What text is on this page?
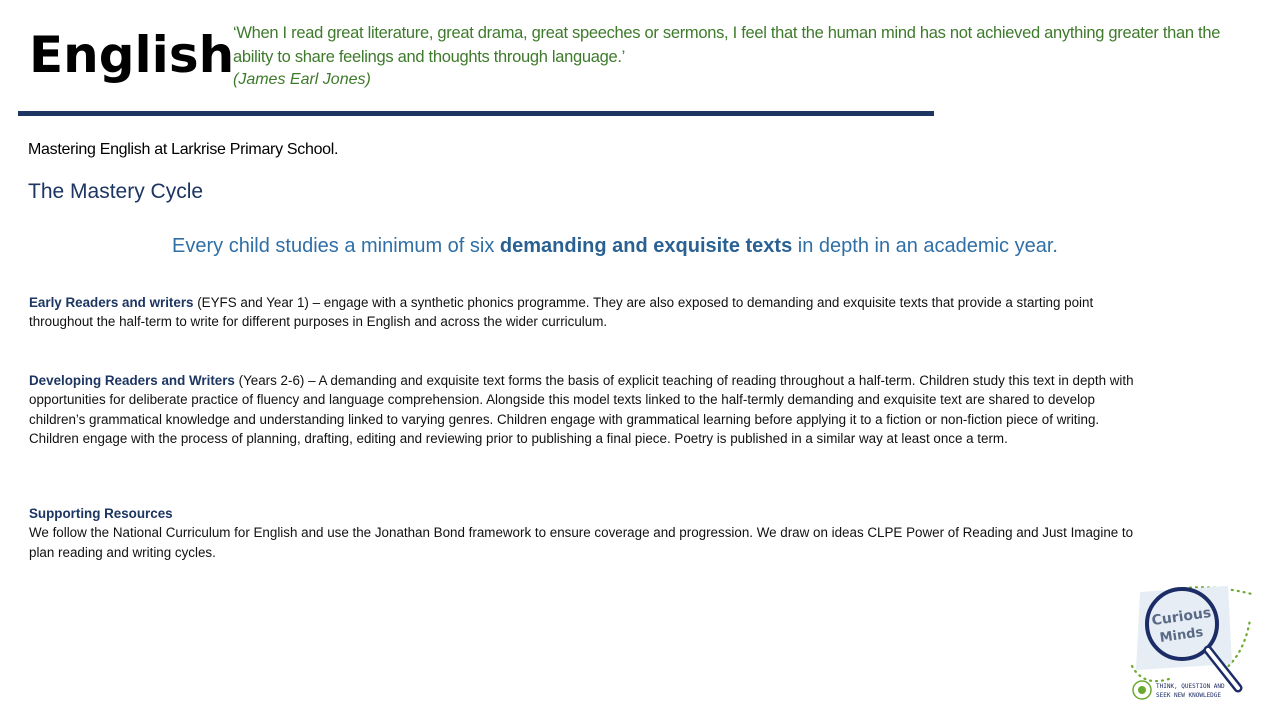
English
‘When I read great literature, great drama, great speeches or sermons, I feel that the human mind has not achieved anything greater than the ability to share feelings and thoughts through language.’
(James Earl Jones)
Mastering English at Larkrise Primary School.
The Mastery Cycle
Every child studies a minimum of six demanding and exquisite texts in depth in an academic year.
Early Readers and writers (EYFS and Year 1) – engage with a synthetic phonics programme. They are also exposed to demanding and exquisite texts that provide a starting point throughout the half-term to write for different purposes in English and across the wider curriculum.
Developing Readers and Writers (Years 2-6) – A demanding and exquisite text forms the basis of explicit teaching of reading throughout a half-term. Children study this text in depth with opportunities for deliberate practice of fluency and language comprehension. Alongside this model texts linked to the half-termly demanding and exquisite text are shared to develop children’s grammatical knowledge and understanding linked to varying genres. Children engage with grammatical learning before applying it to a fiction or non-fiction piece of writing. Children engage with the process of planning, drafting, editing and reviewing prior to publishing a final piece. Poetry is published in a similar way at least once a term.
Supporting Resources
We follow the National Curriculum for English and use the Jonathan Bond framework to ensure coverage and progression. We draw on ideas CLPE Power of Reading and Just Imagine to plan reading and writing cycles.
Curious
Minds
THINK, QUESTION AND
SEEK NEW KNOWLEDGE
